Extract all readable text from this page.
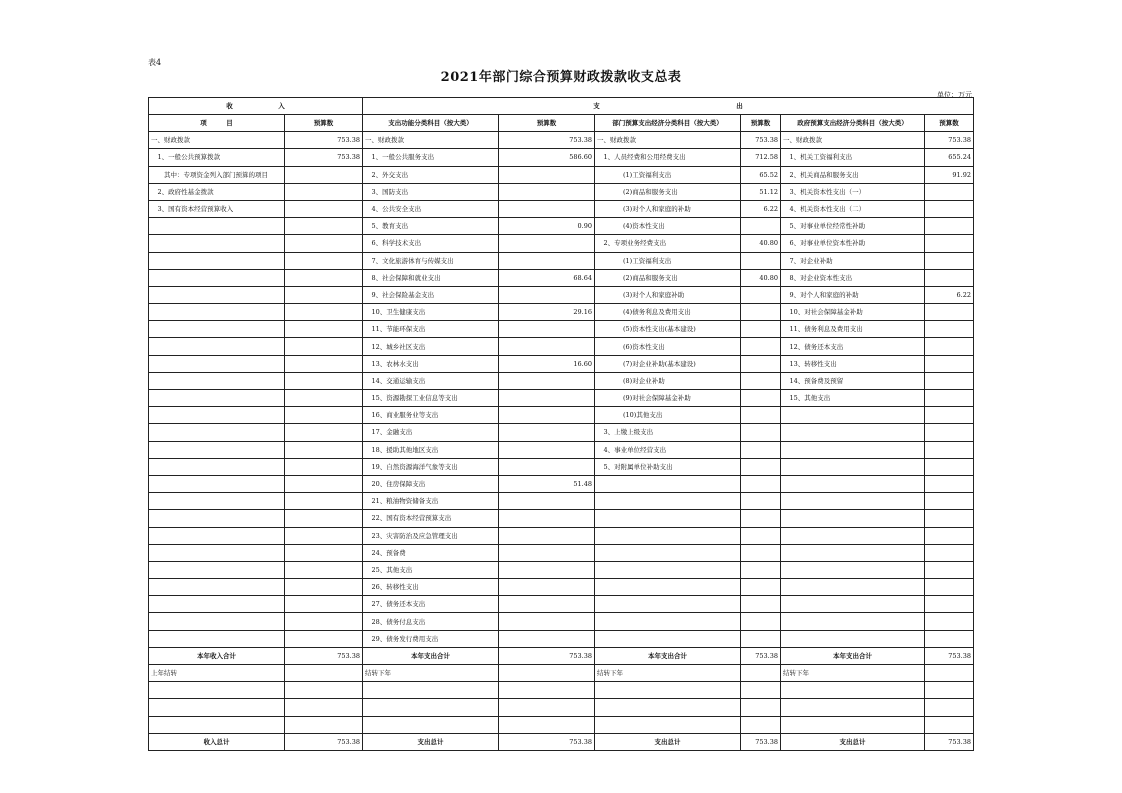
表4
2021年部门综合预算财政拨款收支总表
单位：万元
收　　　　　　　入		支　　　　　　　　　　　　　　　　　　　　　出					
项　　　目	预算数	支出功能分类科目（按大类）	预算数	部门预算支出经济分类科目（按大类）	预算数	政府预算支出经济分类科目（按大类）	预算数
一、财政拨款	753.38	一、财政拨款	753.38	一、财政拨款	753.38	一、财政拨款	753.38
　1、一般公共预算拨款	753.38	　1、一般公共服务支出	586.60	　1、人员经费和公用经费支出	712.58	　1、机关工资福利支出	655.24
　　其中：专项资金列入部门预算的项目		　2、外交支出		　　　　(1)工资福利支出	65.52	　2、机关商品和服务支出	91.92
　2、政府性基金拨款		　3、国防支出		　　　　(2)商品和服务支出	51.12	　3、机关资本性支出（一）	
　3、国有资本经营预算收入		　4、公共安全支出		　　　　(3)对个人和家庭的补助	6.22	　4、机关资本性支出（二）	
		　5、教育支出	0.90	　　　　(4)资本性支出		　5、对事业单位经常性补助	
		　6、科学技术支出		　2、专项业务经费支出	40.80	　6、对事业单位资本性补助	
		　7、文化旅游体育与传媒支出		　　　　(1)工资福利支出		　7、对企业补助	
		　8、社会保障和就业支出	68.64	　　　　(2)商品和服务支出	40.80	　8、对企业资本性支出	
		　9、社会保险基金支出		　　　　(3)对个人和家庭补助		　9、对个人和家庭的补助	6.22
		　10、卫生健康支出	29.16	　　　　(4)债务利息及费用支出		　10、对社会保障基金补助	
		　11、节能环保支出		　　　　(5)资本性支出(基本建设)		　11、债务利息及费用支出	
		　12、城乡社区支出		　　　　(6)资本性支出		　12、债务还本支出	
		　13、农林水支出	16.60	　　　　(7)对企业补助(基本建设)		　13、转移性支出	
		　14、交通运输支出		　　　　(8)对企业补助		　14、预备费及预留	
		　15、资源勘探工业信息等支出		　　　　(9)对社会保障基金补助		　15、其他支出	
		　16、商业服务业等支出		　　　　(10)其他支出			
		　17、金融支出		　3、上缴上级支出			
		　18、援助其他地区支出		　4、事业单位经营支出			
		　19、自然资源海洋气象等支出		　5、对附属单位补助支出			
		　20、住房保障支出	51.48				
		　21、粮油物资储备支出					
		　22、国有资本经营预算支出					
		　23、灾害防治及应急管理支出					
		　24、预备费					
		　25、其他支出					
		　26、转移性支出					
		　27、债务还本支出					
		　28、债务付息支出					
		　29、债务发行费用支出					
本年收入合计	753.38	本年支出合计	753.38	本年支出合计	753.38	本年支出合计	753.38
上年结转		结转下年		结转下年		结转下年	

收入总计	753.38	支出总计	753.38	支出总计	753.38	支出总计	753.38
